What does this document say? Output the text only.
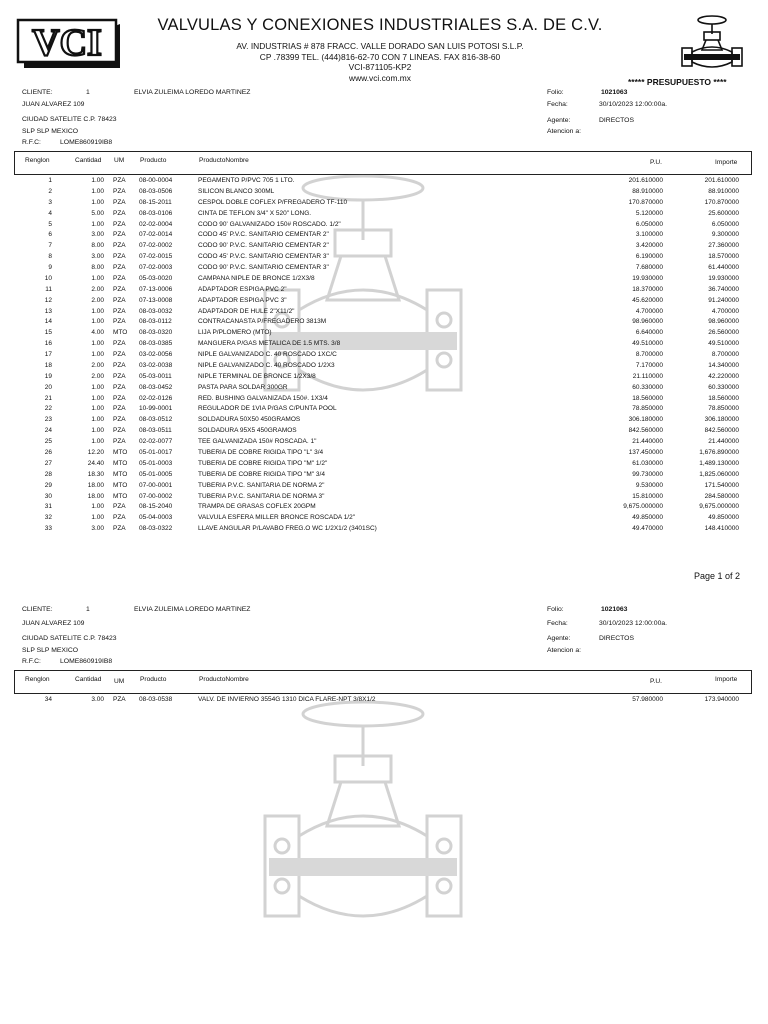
VCI	VALVULAS Y CONEXIONES INDUSTRIALES S.A. DE C.V.
AV. INDUSTRIAS # 878 FRACC. VALLE DORADO SAN LUIS POTOSI S.L.P.
CP .78399 TEL. (444)816-62-70 CON 7 LINEAS. FAX 816-38-60
VCI-871105-KP2
www.vci.com.mx	***** PRESUPUESTO ****
CLIENTE:	1	ELVIA ZULEIMA LOREDO MARTINEZ
JUAN ALVAREZ 109
CIUDAD SATELITE C.P. 78423
SLP SLP MEXICO
R.F.C:	LOME860919IB8
Folio:	1021063
Fecha:	30/10/2023 12:00:00a.
Agente:	DIRECTOS
Atencion a:
Renglon	Cantidad UM Producto	ProductoNombre	P.U.	Importe
1	1.00 PZA 08-00-0004	PEGAMENTO P/PVC 705 1 LTO.	201.610000	201.610000
2	1.00 PZA 08-03-0506	SILICON BLANCO 300ML	88.910000	88.910000
3	1.00 PZA 08-15-2011	CESPOL DOBLE COFLEX P/FREGADERO TF-110	170.870000	170.870000
4	5.00 PZA 08-03-0106	CINTA DE TEFLON 3/4" X 520" LONG.	5.120000	25.600000
5	1.00 PZA 02-02-0004	CODO 90' GALVANIZADO 150# ROSCADO. 1/2"	6.050000	6.050000
6	3.00 PZA 07-02-0014	CODO 45' P.V.C. SANITARIO CEMENTAR 2"	3.100000	9.300000
7	8.00 PZA 07-02-0002	CODO 90' P.V.C. SANITARIO CEMENTAR 2"	3.420000	27.360000
8	3.00 PZA 07-02-0015	CODO 45' P.V.C. SANITARIO CEMENTAR 3"	6.190000	18.570000
9	8.00 PZA 07-02-0003	CODO 90' P.V.C. SANITARIO CEMENTAR 3"	7.680000	61.440000
10	1.00 PZA 05-03-0020	CAMPANA NIPLE DE BRONCE 1/2X3/8	19.930000	19.930000
11	2.00 PZA 07-13-0006	ADAPTADOR ESPIGA PVC 2"	18.370000	36.740000
12	2.00 PZA 07-13-0008	ADAPTADOR ESPIGA PVC 3"	45.620000	91.240000
13	1.00 PZA 08-03-0032	ADAPTADOR DE HULE 2"X11/2"	4.700000	4.700000
14	1.00 PZA 08-03-0112	CONTRACANASTA P/FREGADERO 3813M	98.960000	98.960000
15	4.00 MTO 08-03-0320	LIJA P/PLOMERO (MTO)	6.640000	26.560000
16	1.00 PZA 08-03-0385	MANGUERA P/GAS METALICA DE 1.5 MTS. 3/8	49.510000	49.510000
17	1.00 PZA 03-02-0056	NIPLE GALVANIZADO C. 40 ROSCADO 1XC/C	8.700000	8.700000
18	2.00 PZA 03-02-0038	NIPLE GALVANIZADO C. 40 ROSCADO 1/2X3	7.170000	14.340000
19	2.00 PZA 05-03-0011	NIPLE TERMINAL DE BRONCE 1/2X3/8	21.110000	42.220000
20	1.00 PZA 08-03-0452	PASTA PARA SOLDAR 300GR	60.330000	60.330000
21	1.00 PZA 02-02-0126	RED. BUSHING GALVANIZADA 150#. 1X3/4	18.560000	18.560000
22	1.00 PZA 10-99-0001	REGULADOR DE 1VIA P/GAS C/PUNTA POOL	78.850000	78.850000
23	1.00 PZA 08-03-0512	SOLDADURA 50X50 450GRAMOS	306.180000	306.180000
24	1.00 PZA 08-03-0511	SOLDADURA 95X5 450GRAMOS	842.560000	842.560000
25	1.00 PZA 02-02-0077	TEE GALVANIZADA 150# ROSCADA. 1"	21.440000	21.440000
26	12.20 MTO 05-01-0017	TUBERIA DE COBRE RIGIDA TIPO "L" 3/4	137.450000	1,676.890000
27	24.40 MTO 05-01-0003	TUBERIA DE COBRE RIGIDA TIPO "M" 1/2"	61.030000	1,489.130000
28	18.30 MTO 05-01-0005	TUBERIA DE COBRE RIGIDA TIPO "M" 3/4	99.730000	1,825.060000
29	18.00 MTO 07-00-0001	TUBERIA P.V.C. SANITARIA DE NORMA 2"	9.530000	171.540000
30	18.00 MTO 07-00-0002	TUBERIA P.V.C. SANITARIA DE NORMA 3"	15.810000	284.580000
31	1.00 PZA 08-15-2040	TRAMPA DE GRASAS COFLEX 20GPM	9,675.000000	9,675.000000
32	1.00 PZA 05-04-0003	VALVULA ESFERA MILLER BRONCE ROSCADA 1/2"	49.850000	49.850000
33	3.00 PZA 08-03-0322	LLAVE ANGULAR P/LAVABO FREG.O WC 1/2X1/2 (3401SC)	49.470000	148.410000
Page 1 of 2
CLIENTE:	1	ELVIA ZULEIMA LOREDO MARTINEZ
JUAN ALVAREZ 109
CIUDAD SATELITE C.P. 78423
SLP SLP MEXICO
R.F.C:	LOME860919IB8
Folio:	1021063
Fecha:	30/10/2023 12:00:00a.
Agente:	DIRECTOS
Atencion a:
Renglon	Cantidad UM Producto	ProductoNombre	P.U.	Importe
34	3.00 PZA 08-03-0538	VALV. DE INVIERNO 3554G 1310 DICA FLARE-NPT 3/8X1/2	57.980000	173.940000
